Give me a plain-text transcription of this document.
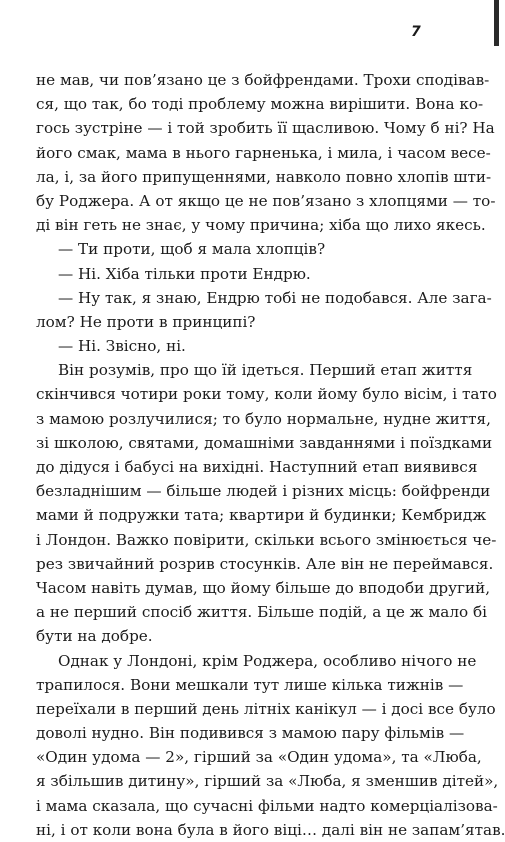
7
не мав, чи пов’язано це з бойфрендами. Трохи сподівав-
ся, що так, бо тоді проблему можна вирішити. Вона ко-
гось зустріне — і той зробить її щасливою. Чому б ні? На
його смак, мама в нього гарненька, і мила, і часом весе-
ла, і, за його припущеннями, навколо повно хлопів шти-
бу Роджера. А от якщо це не пов’язано з хлопцями — то-
ді він геть не знає, у чому причина; хіба що лихо якесь.
— Ти проти, щоб я мала хлопців?
— Ні. Хіба тільки проти Ендрю.
— Ну так, я знаю, Ендрю тобі не подобався. Але зага-
лом? Не проти в принципі?
— Ні. Звісно, ні.
Він розумів, про що їй ідеться. Перший етап життя
скінчився чотири роки тому, коли йому було вісім, і тато
з мамою розлучилися; то було нормальне, нудне життя,
зі школою, святами, домашніми завданнями і поїздками
до дідуся і бабусі на вихідні. Наступний етап виявився
безладнішим — більше людей і різних місць: бойфренди
мами й подружки тата; квартири й будинки; Кембридж
і Лондон. Важко повірити, скільки всього змінюється че-
рез звичайний розрив стосунків. Але він не переймався.
Часом навіть думав, що йому більше до вподоби другий,
а не перший спосіб життя. Більше подій, а це ж мало бі
бути на добре.
Однак у Лондоні, крім Роджера, особливо нічого не
трапилося. Вони мешкали тут лише кілька тижнів —
переїхали в перший день літніх канікул — і досі все було
доволі нудно. Він подивився з мамою пару фільмів —
«Один удома — 2», гірший за «Один удома», та «Люба,
я збільшив дитину», гірший за «Люба, я зменшив дітей»,
і мама сказала, що сучасні фільми надто комерціалізова-
ні, і от коли вона була в його віці… далі він не запам’ятав.
